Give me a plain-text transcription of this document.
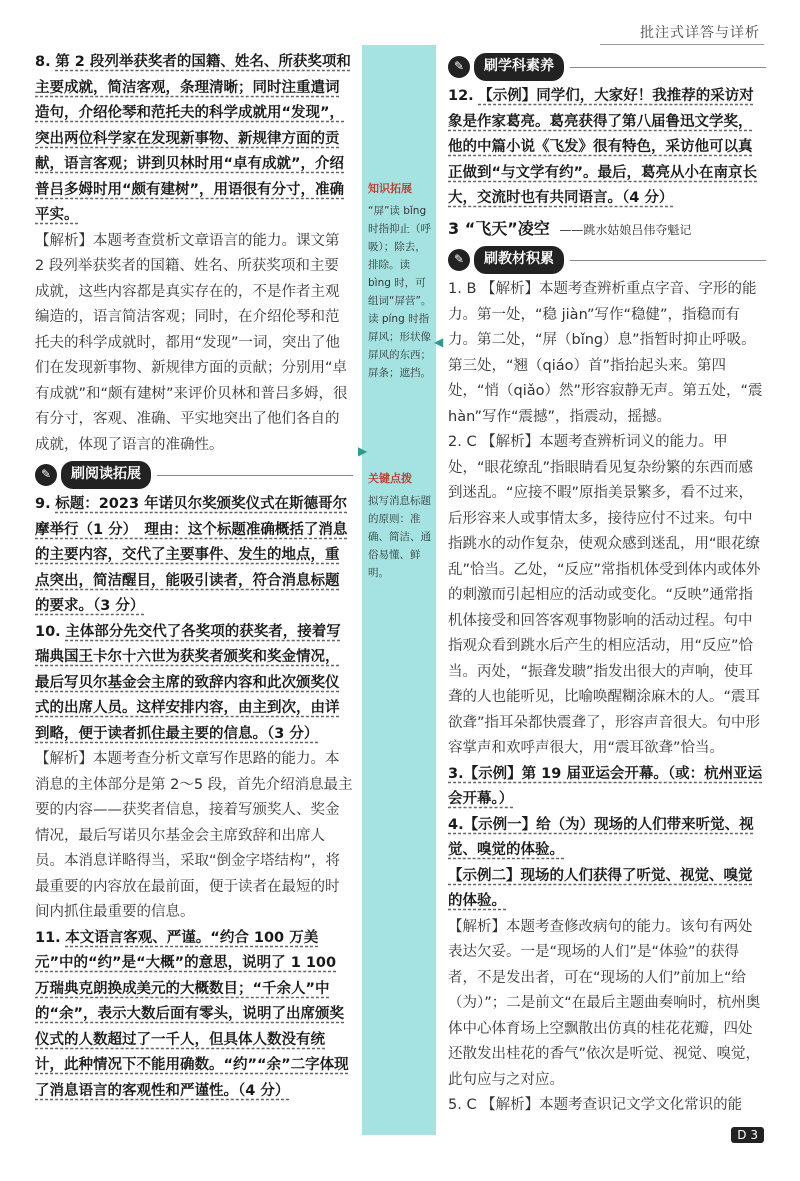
批注式详答与详析
◀
▶
知识拓展
“屏”读 bǐng 时指抑止（呼吸）；除去，排除。读 bìng 时，可组词“屏营”。读 píng 时指屏风；形状像屏风的东西；屏条；遮挡。
关键点拨
拟写消息标题的原则：准确、简洁、通俗易懂、鲜明。

8. 第 2 段列举获奖者的国籍、姓名、所获奖项和主要成就，简洁客观，条理清晰；同时注重遣词造句，介绍伦琴和范托夫的科学成就用“发现”，突出两位科学家在发现新事物、新规律方面的贡献，语言客观；讲到贝林时用“卓有成就”，介绍普吕多姆时用“颇有建树”，用语很有分寸，准确平实。

【解析】本题考查赏析文章语言的能力。课文第 2 段列举获奖者的国籍、姓名、所获奖项和主要成就，这些内容都是真实存在的，不是作者主观编造的，语言简洁客观；同时，在介绍伦琴和范托夫的科学成就时，都用“发现”一词，突出了他们在发现新事物、新规律方面的贡献；分别用“卓有成就”和“颇有建树”来评价贝林和普吕多姆，很有分寸，客观、准确、平实地突出了他们各自的成就，体现了语言的准确性。

✎	刷阅读拓展

9. 标题：2023 年诺贝尔奖颁奖仪式在斯德哥尔摩举行（1 分）　理由：这个标题准确概括了消息的主要内容，交代了主要事件、发生的地点，重点突出，简洁醒目，能吸引读者，符合消息标题的要求。（3 分）

10. 主体部分先交代了各奖项的获奖者，接着写瑞典国王卡尔十六世为获奖者颁奖和奖金情况，最后写贝尔基金会主席的致辞内容和此次颁奖仪式的出席人员。这样安排内容，由主到次，由详到略，便于读者抓住最主要的信息。（3 分）

【解析】本题考查分析文章写作思路的能力。本消息的主体部分是第 2～5 段，首先介绍消息最主要的内容——获奖者信息，接着写颁奖人、奖金情况，最后写诺贝尔基金会主席致辞和出席人员。本消息详略得当，采取“倒金字塔结构”，将最重要的内容放在最前面，便于读者在最短的时间内抓住最重要的信息。

11. 本文语言客观、严谨。“约合 100 万美元”中的“约”是“大概”的意思，说明了 1 100 万瑞典克朗换成美元的大概数目；“千余人”中的“余”，表示大数后面有零头，说明了出席颁奖仪式的人数超过了一千人，但具体人数没有统计，此种情况下不能用确数。“约”“余”二字体现了消息语言的客观性和严谨性。（4 分）

✎	刷学科素养

12. 【示例】同学们，大家好！我推荐的采访对象是作家葛亮。葛亮获得了第八届鲁迅文学奖，他的中篇小说《飞发》很有特色，采访他可以真正做到“与文学有约”。最后，葛亮从小在南京长大，交流时也有共同语言。（4 分）

3 “飞天”凌空 ——跳水姑娘吕伟夺魁记
✎	刷教材积累

1. B 【解析】本题考查辨析重点字音、字形的能力。第一处，“稳 jiàn”写作“稳健”，指稳而有力。第二处，“屏（bǐng）息”指暂时抑止呼吸。第三处，“翘（qiáo）首”指抬起头来。第四处，“悄（qiǎo）然”形容寂静无声。第五处，“震 hàn”写作“震撼”，指震动，摇撼。

2. C 【解析】本题考查辨析词义的能力。甲处，“眼花缭乱”指眼睛看见复杂纷繁的东西而感到迷乱。“应接不暇”原指美景繁多，看不过来，后形容来人或事情太多，接待应付不过来。句中指跳水的动作复杂，使观众感到迷乱，用“眼花缭乱”恰当。乙处，“反应”常指机体受到体内或体外的刺激而引起相应的活动或变化。“反映”通常指机体接受和回答客观事物影响的活动过程。句中指观众看到跳水后产生的相应活动，用“反应”恰当。丙处，“振聋发聩”指发出很大的声响，使耳聋的人也能听见，比喻唤醒糊涂麻木的人。“震耳欲聋”指耳朵都快震聋了，形容声音很大。句中形容掌声和欢呼声很大，用“震耳欲聋”恰当。

3.【示例】第 19 届亚运会开幕。（或：杭州亚运会开幕。）

4.【示例一】给（为）现场的人们带来听觉、视觉、嗅觉的体验。

【示例二】现场的人们获得了听觉、视觉、嗅觉的体验。

【解析】本题考查修改病句的能力。该句有两处表达欠妥。一是“现场的人们”是“体验”的获得者，不是发出者，可在“现场的人们”前加上“给（为）”；二是前文“在最后主题曲奏响时，杭州奥体中心体育场上空飘散出仿真的桂花花瓣，四处还散发出桂花的香气”依次是听觉、视觉、嗅觉，此句应与之对应。

5. C 【解析】本题考查识记文学文化常识的能

D 3
